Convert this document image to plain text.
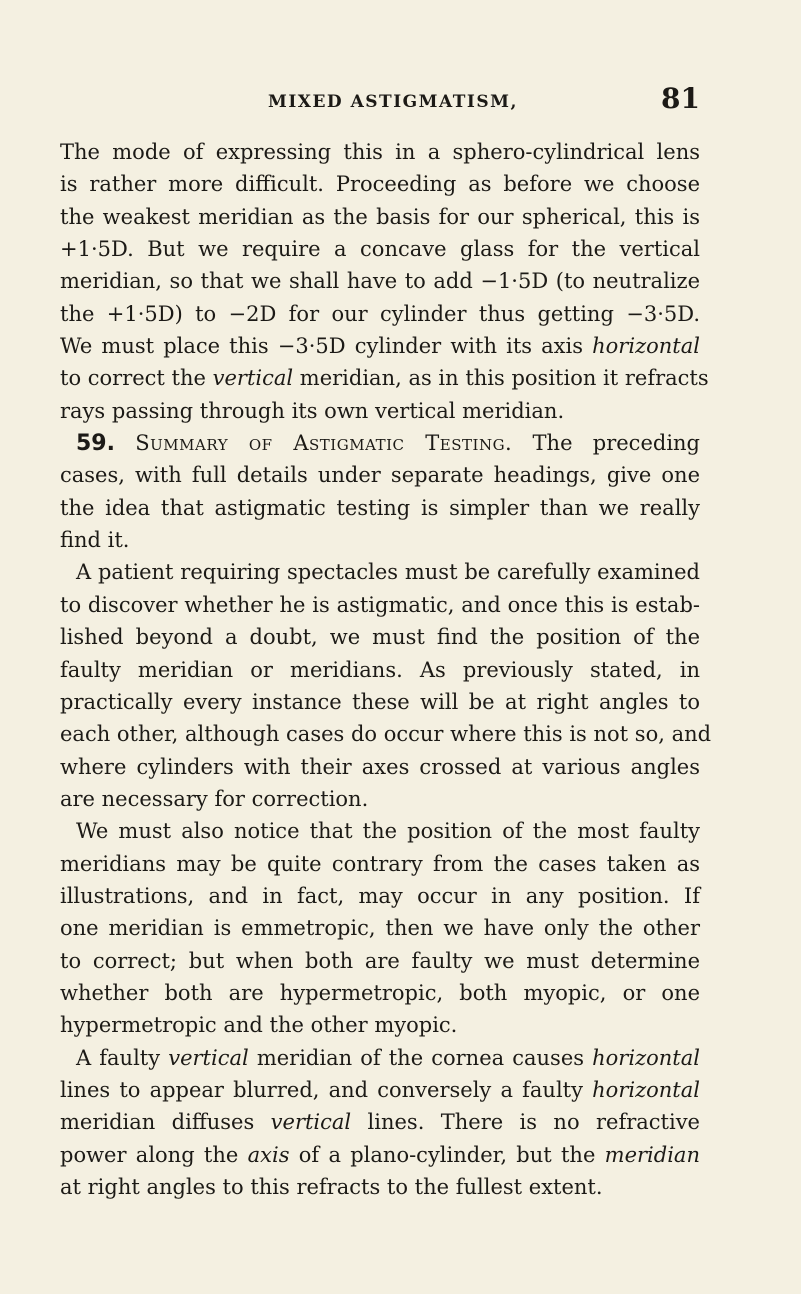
MIXED ASTIGMATISM,	81
The mode of expressing this in a sphero-cylindrical lens
is rather more difficult. Proceeding as before we choose
the weakest meridian as the basis for our spherical, this is
+1·5D. But we require a concave glass for the vertical
meridian, so that we shall have to add −1·5D (to neutralize
the +1·5D) to −2D for our cylinder thus getting −3·5D.
We must place this −3·5D cylinder with its axis horizontal
to correct the vertical meridian, as in this position it refracts
rays passing through its own vertical meridian.
59. Summary of Astigmatic Testing. The preceding
cases, with full details under separate headings, give one
the idea that astigmatic testing is simpler than we really
find it.
A patient requiring spectacles must be carefully examined
to discover whether he is astigmatic, and once this is estab-
lished beyond a doubt, we must find the position of the
faulty meridian or meridians. As previously stated, in
practically every instance these will be at right angles to
each other, although cases do occur where this is not so, and
where cylinders with their axes crossed at various angles
are necessary for correction.
We must also notice that the position of the most faulty
meridians may be quite contrary from the cases taken as
illustrations, and in fact, may occur in any position. If
one meridian is emmetropic, then we have only the other
to correct; but when both are faulty we must determine
whether both are hypermetropic, both myopic, or one
hypermetropic and the other myopic.
A faulty vertical meridian of the cornea causes horizontal
lines to appear blurred, and conversely a faulty horizontal
meridian diffuses vertical lines. There is no refractive
power along the axis of a plano-cylinder, but the meridian
at right angles to this refracts to the fullest extent.
